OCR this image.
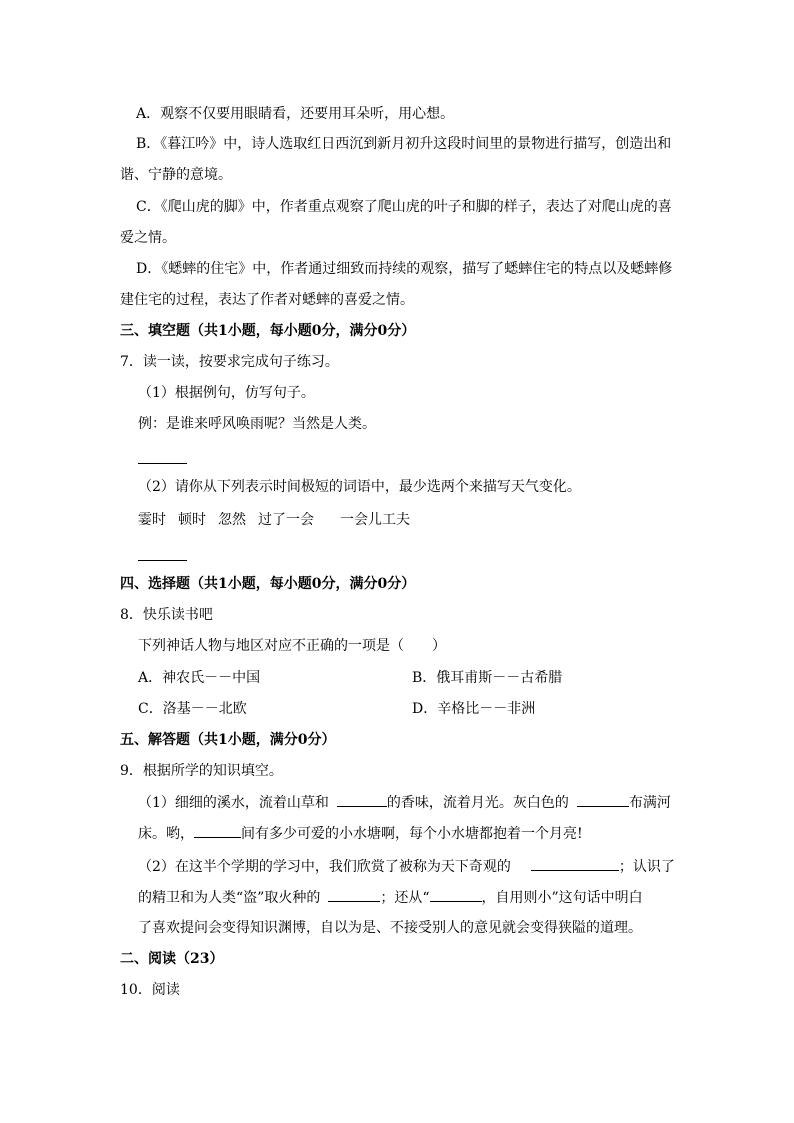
A．观察不仅要用眼睛看，还要用耳朵听，用心想。
B．《暮江吟》中，诗人选取红日西沉到新月初升这段时间里的景物进行描写，创造出和
谐、宁静的意境。
C．《爬山虎的脚》中，作者重点观察了爬山虎的叶子和脚的样子，表达了对爬山虎的喜
爱之情。
D．《蟋蟀的住宅》中，作者通过细致而持续的观察，描写了蟋蟀住宅的特点以及蟋蟀修
建住宅的过程，表达了作者对蟋蟀的喜爱之情。
三、填空题（共1小题，每小题0分，满分0分）
7．读一读，按要求完成句子练习。
（1）根据例句，仿写句子。
例：是谁来呼风唤雨呢？当然是人类。
（2）请你从下列表示时间极短的词语中，最少选两个来描写天气变化。
霎时 顿时 忽然 过了一会 一会儿工夫
四、选择题（共1小题，每小题0分，满分0分）
8．快乐读书吧
下列神话人物与地区对应不正确的一项是（　　）
A．神农氏－－中国	B．俄耳甫斯－－古希腊
C．洛基－－北欧	D．辛格比－－非洲
五、解答题（共1小题，满分0分）
9．根据所学的知识填空。
（1）细细的溪水，流着山草和	的香味，流着月光。灰白色的	布满河
床。哟，	间有多少可爱的小水塘啊，每个小水塘都抱着一个月亮!
（2）在这半个学期的学习中，我们欣赏了被称为天下奇观的	；认识了
的精卫和为人类“盗”取火种的	；还从“	，自用则小”这句话中明白
了喜欢提问会变得知识渊博，自以为是、不接受别人的意见就会变得狭隘的道理。
二、阅读（23）
10．阅读
